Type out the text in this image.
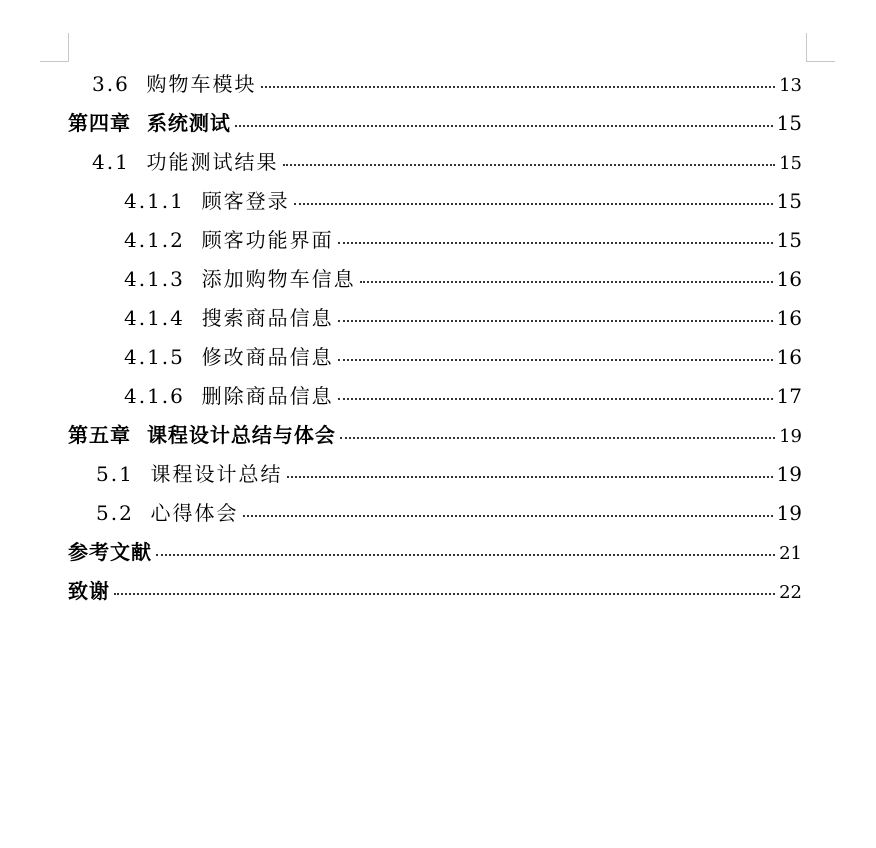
3.6 购物车模块	13
第四章 系统测试	15
4.1 功能测试结果	15
4.1.1 顾客登录	15
4.1.2 顾客功能界面	15
4.1.3 添加购物车信息	16
4.1.4 搜索商品信息	16
4.1.5 修改商品信息	16
4.1.6 删除商品信息	17
第五章 课程设计总结与体会	19
5.1 课程设计总结	19
5.2 心得体会	19
参考文献	21
致谢	22
